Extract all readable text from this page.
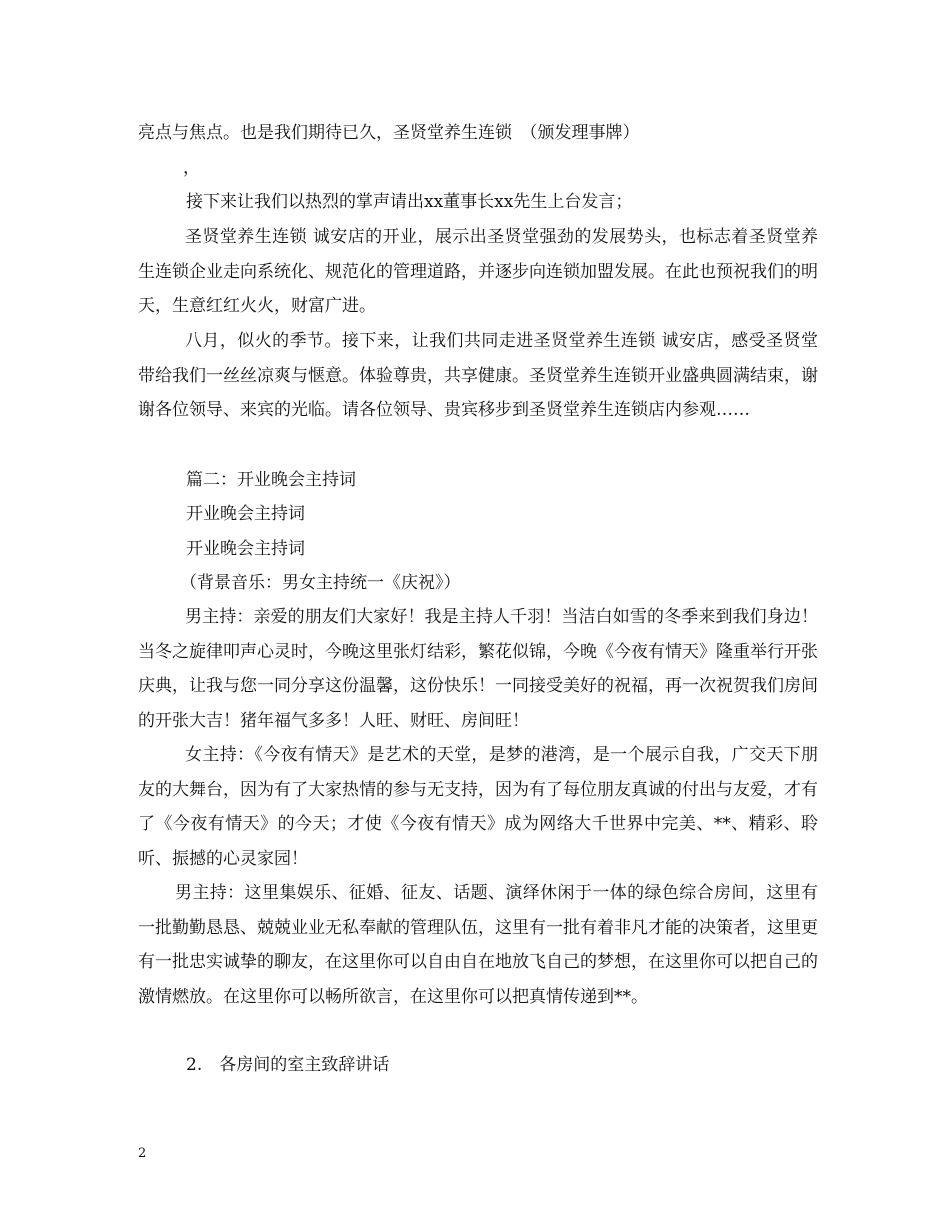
亮点与焦点。也是我们期待已久，圣贤堂养生连锁　（颁发理事牌）

，

接下来让我们以热烈的掌声请出xx董事长xx先生上台发言；

圣贤堂养生连锁 诚安店的开业，展示出圣贤堂强劲的发展势头，也标志着圣贤堂养生连锁企业走向系统化、规范化的管理道路，并逐步向连锁加盟发展。在此也预祝我们的明天，生意红红火火，财富广进。

八月，似火的季节。接下来，让我们共同走进圣贤堂养生连锁 诚安店，感受圣贤堂带给我们一丝丝凉爽与惬意。体验尊贵，共享健康。圣贤堂养生连锁开业盛典圆满结束，谢谢各位领导、来宾的光临。请各位领导、贵宾移步到圣贤堂养生连锁店内参观……

篇二：开业晚会主持词

开业晚会主持词

开业晚会主持词

（背景音乐：男女主持统一《庆祝》）

男主持：亲爱的朋友们大家好！我是主持人千羽！当洁白如雪的冬季来到我们身边！当冬之旋律叩声心灵时，今晚这里张灯结彩，繁花似锦，今晚《今夜有情天》隆重举行开张庆典，让我与您一同分享这份温馨，这份快乐！一同接受美好的祝福，再一次祝贺我们房间的开张大吉！猪年福气多多！人旺、财旺、房间旺！

女主持：《今夜有情天》是艺术的天堂，是梦的港湾，是一个展示自我，广交天下朋友的大舞台，因为有了大家热情的参与无支持，因为有了每位朋友真诚的付出与友爱，才有了《今夜有情天》的今天；才使《今夜有情天》成为网络大千世界中完美、**、精彩、聆听、振撼的心灵家园！

男主持：这里集娱乐、征婚、征友、话题、演绎休闲于一体的绿色综合房间，这里有一批勤勤恳恳、兢兢业业无私奉献的管理队伍，这里有一批有着非凡才能的决策者，这里更有一批忠实诚挚的聊友，在这里你可以自由自在地放飞自己的梦想，在这里你可以把自己的激情燃放。在这里你可以畅所欲言，在这里你可以把真情传递到**。

2.　各房间的室主致辞讲话

2
